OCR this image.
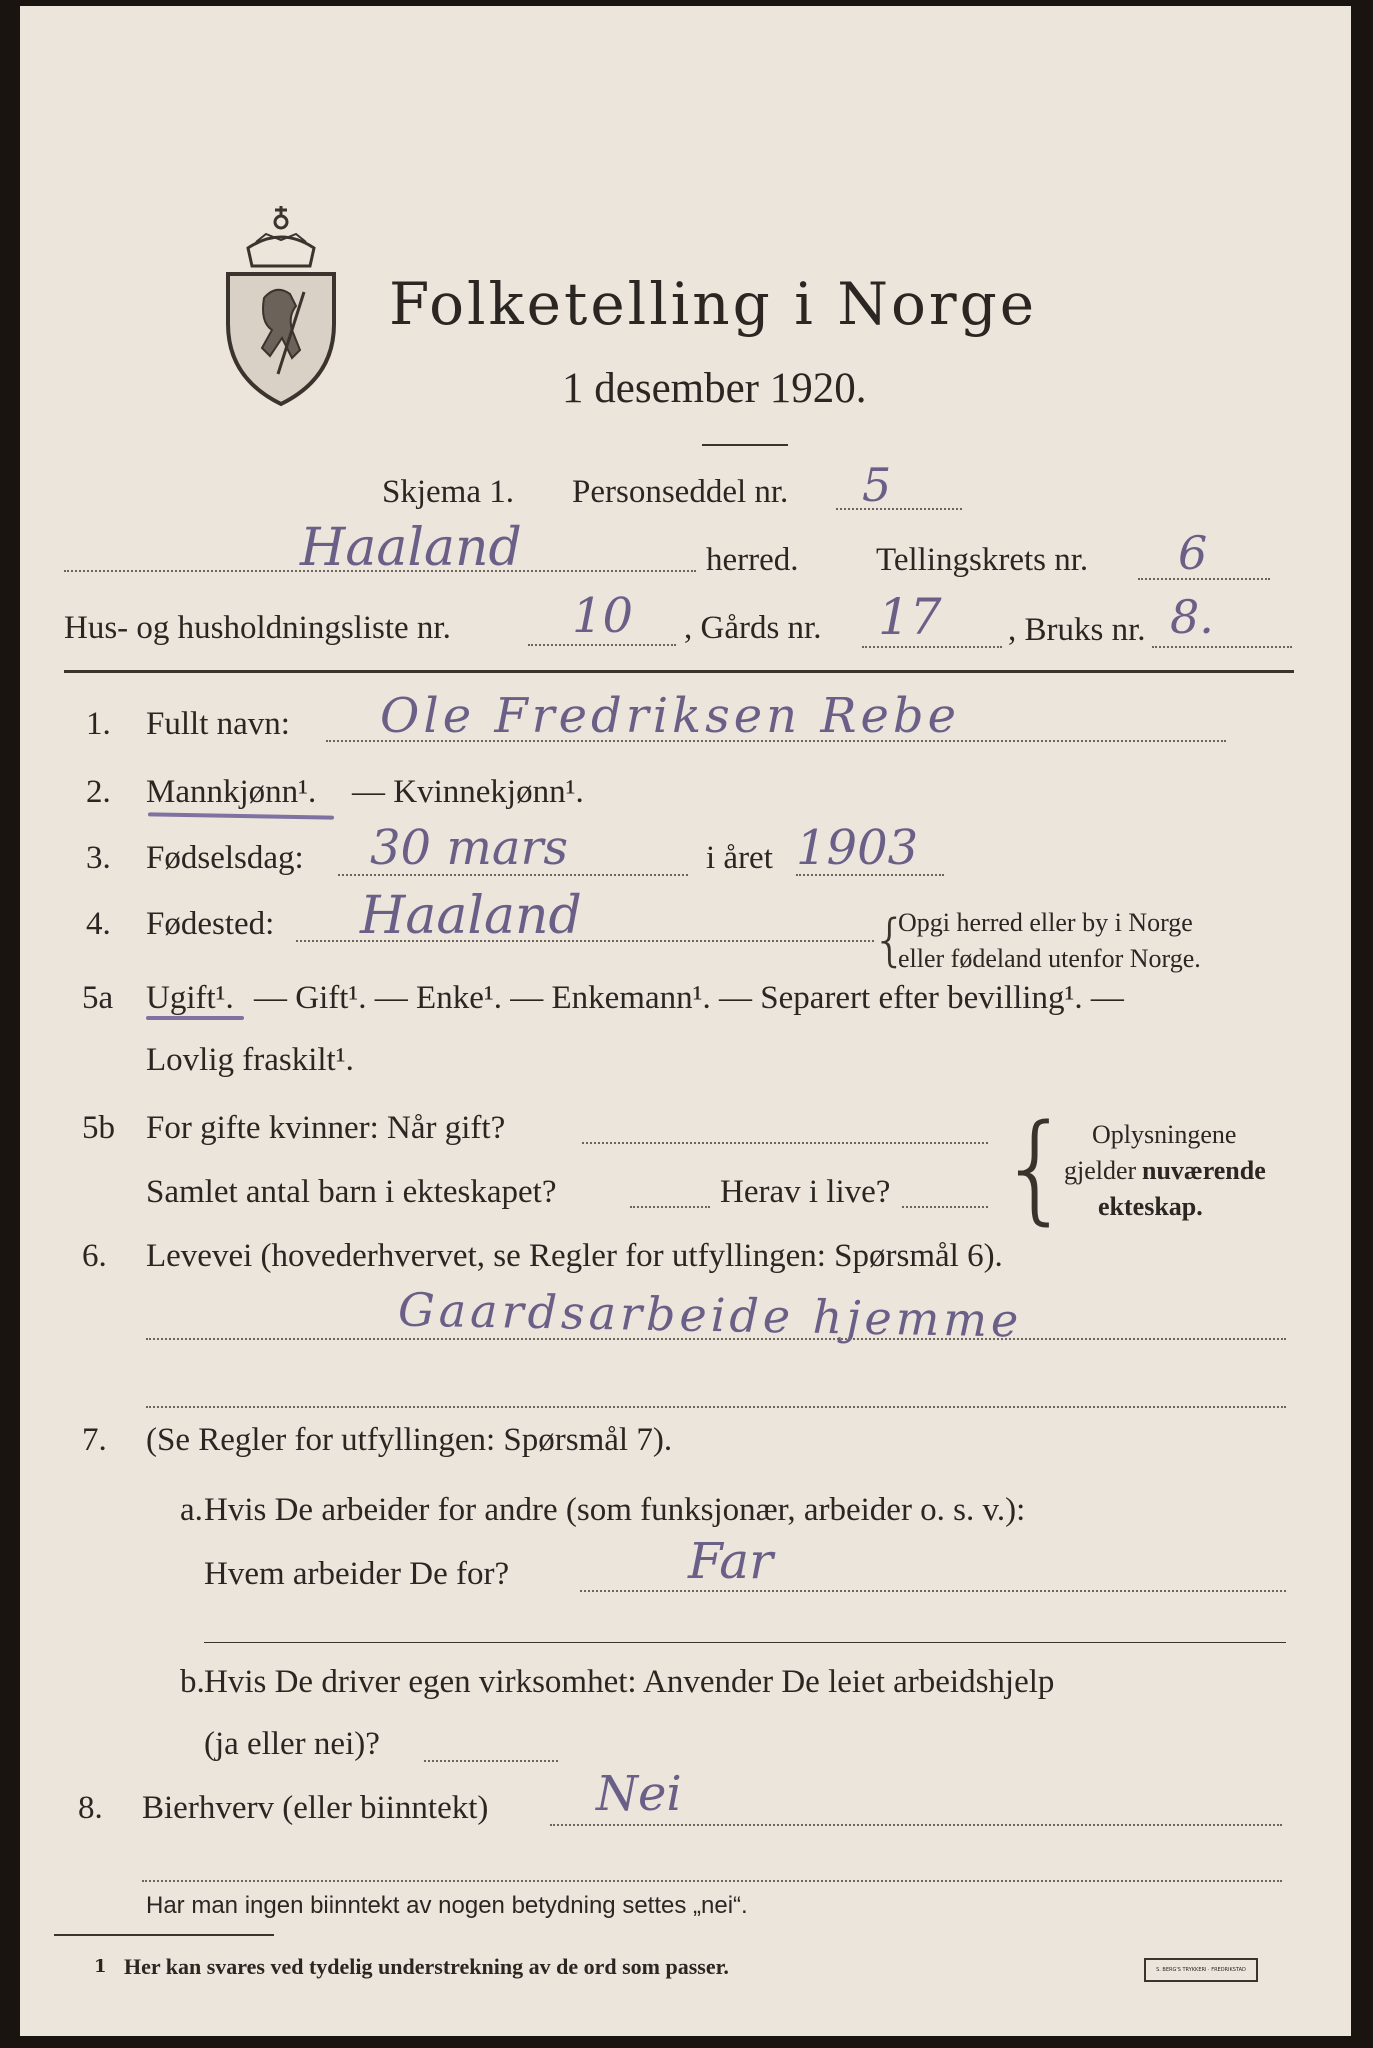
Folketelling i Norge
1 desember 1920.
Skjema 1. Personseddel nr. 5
Haaland	herred. Tellingskrets nr. 6
Hus- og husholdningsliste nr.	10 , Gårds nr. 17 , Bruks nr. 8.
1. Fullt navn: Ole Fredriksen Rebe
2. Mannkjønn¹. — Kvinnekjønn¹.
3. Fødselsdag: 30 mars	i året 1903
4. Fødested: Haaland	{
Opgi herred eller by i Norge
eller fødeland utenfor Norge.
5a Ugift¹. — Gift¹. — Enke¹. — Enkemann¹. — Separert efter bevilling¹. —
Lovlig fraskilt¹.
5b For gifte kvinner: Når gift?
Samlet antal barn i ekteskapet?	Herav i live? { Oplysningene
gjelder nuværende
ekteskap.
6. Levevei (hovederhvervet, se Regler for utfyllingen: Spørsmål 6).
Gaardsarbeide hjemme
7. (Se Regler for utfyllingen: Spørsmål 7).
a. Hvis De arbeider for andre (som funksjonær, arbeider o. s. v.):
Hvem arbeider De for?	Far
b. Hvis De driver egen virksomhet: Anvender De leiet arbeidshjelp
(ja eller nei)?
8. Bierhverv (eller biinntekt) Nei
Har man ingen biinntekt av nogen betydning settes „nei“.
1 Her kan svares ved tydelig understrekning av de ord som passer.	S. BERG'S TRYKKERI · FREDRIKSTAD
